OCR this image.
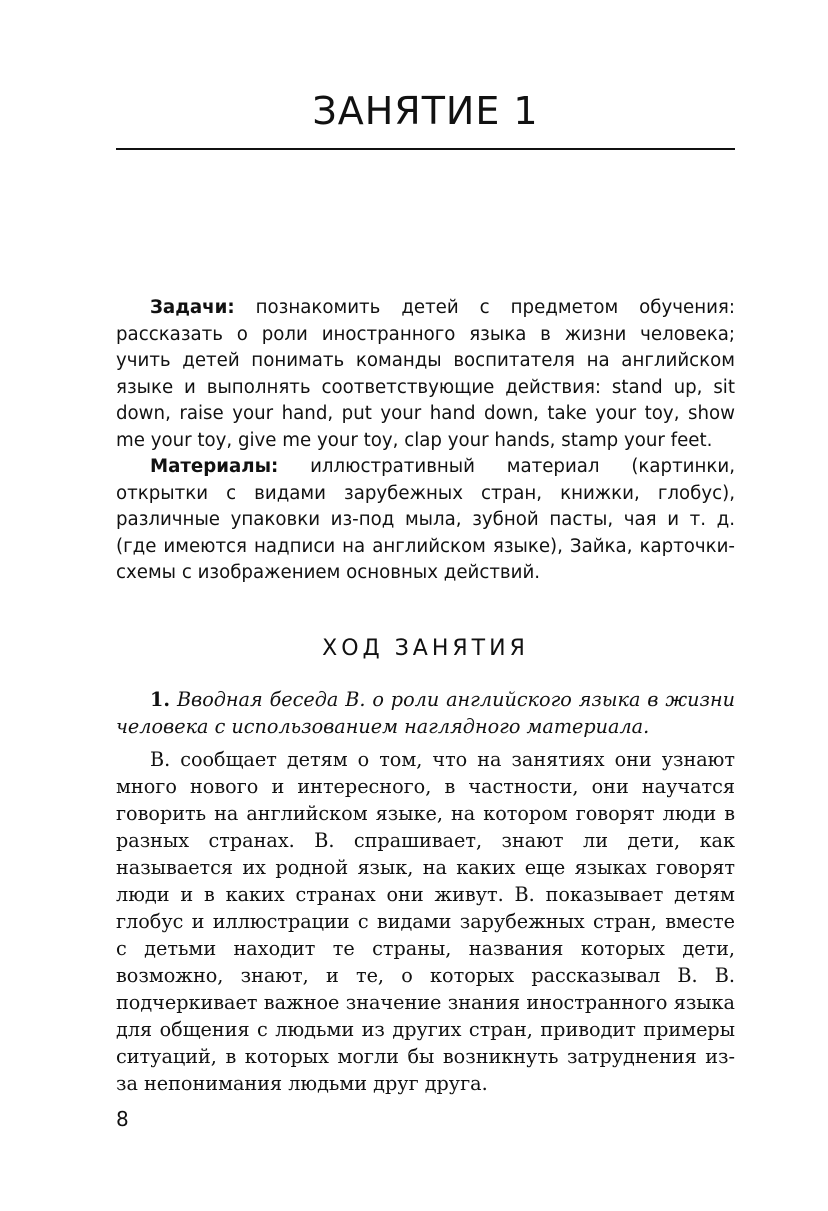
ЗАНЯТИЕ 1

Задачи: познакомить детей с предметом обучения: рассказать о роли иностранного языка в жизни человека; учить детей понимать команды воспитателя на английском языке и выполнять соответствующие действия: stand up, sit down, raise your hand, put your hand down, take your toy, show me your toy, give me your toy, clap your hands, stamp your feet.

Материалы: иллюстративный материал (картинки, открытки с видами зарубежных стран, книжки, глобус), различные упаковки из-под мыла, зубной пасты, чая и т. д. (где имеются надписи на английском языке), Зайка, карточки-схемы с изображением основных действий.

ХОД ЗАНЯТИЯ

1. Вводная беседа В. о роли английского языка в жизни человека с использованием наглядного материала.

В. сообщает детям о том, что на занятиях они узнают много нового и интересного, в частности, они научатся говорить на английском языке, на котором говорят люди в разных странах. В. спрашивает, знают ли дети, как называется их родной язык, на каких еще языках говорят люди и в каких странах они живут. В. показывает детям глобус и иллюстрации с видами зарубежных стран, вместе с детьми находит те страны, названия которых дети, возможно, знают, и те, о которых рассказывал В. В. подчеркивает важное значение знания иностранного языка для общения с людьми из других стран, приводит примеры ситуаций, в которых могли бы возникнуть затруднения из-за непонимания людьми друг друга.

8
